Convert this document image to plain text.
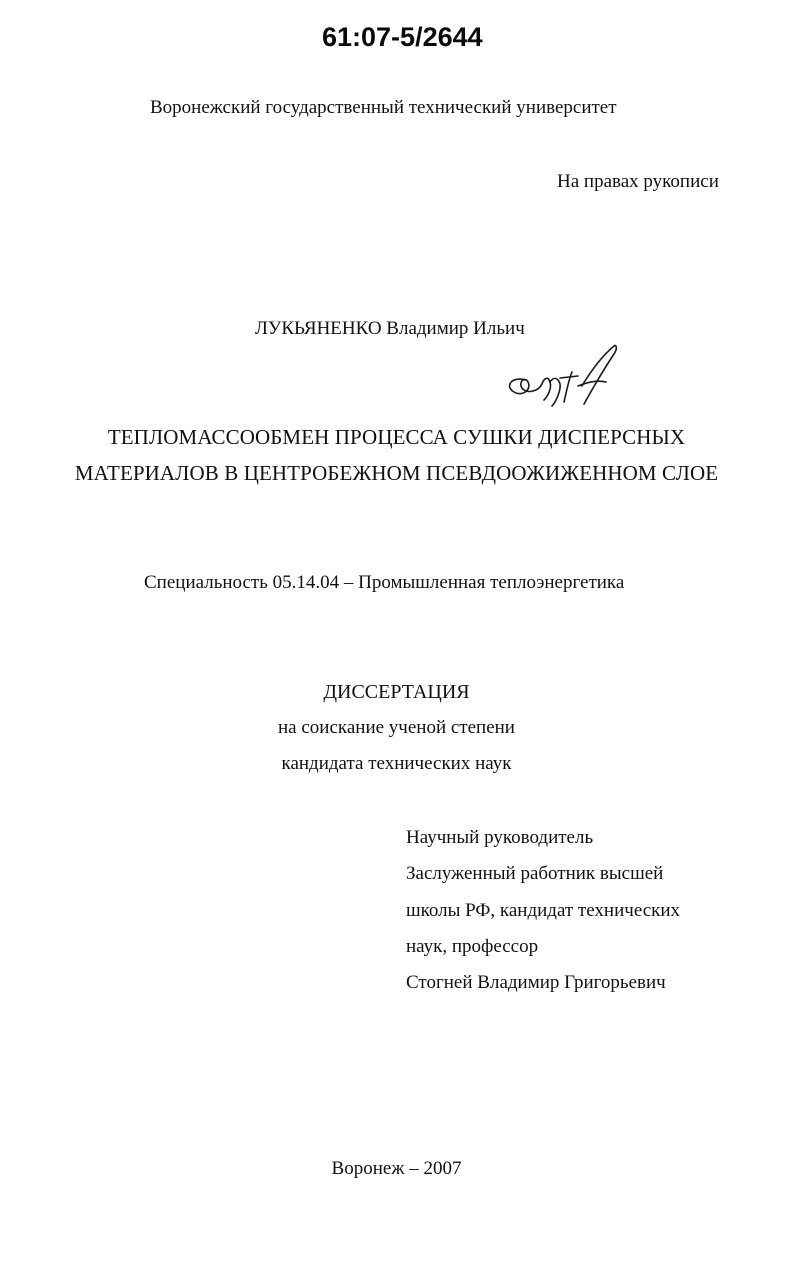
61:07-5/2644
Воронежский государственный технический университет
На правах рукописи
ЛУКЬЯНЕНКО Владимир Ильич
ТЕПЛОМАССООБМЕН ПРОЦЕССА СУШКИ ДИСПЕРСНЫХ
МАТЕРИАЛОВ В ЦЕНТРОБЕЖНОМ ПСЕВДООЖИЖЕННОМ СЛОЕ
Специальность 05.14.04 – Промышленная теплоэнергетика
ДИССЕРТАЦИЯ
на соискание ученой степени
кандидата технических наук
Научный руководитель
Заслуженный работник высшей
школы РФ, кандидат технических
наук, профессор
Стогней Владимир Григорьевич
Воронеж – 2007
